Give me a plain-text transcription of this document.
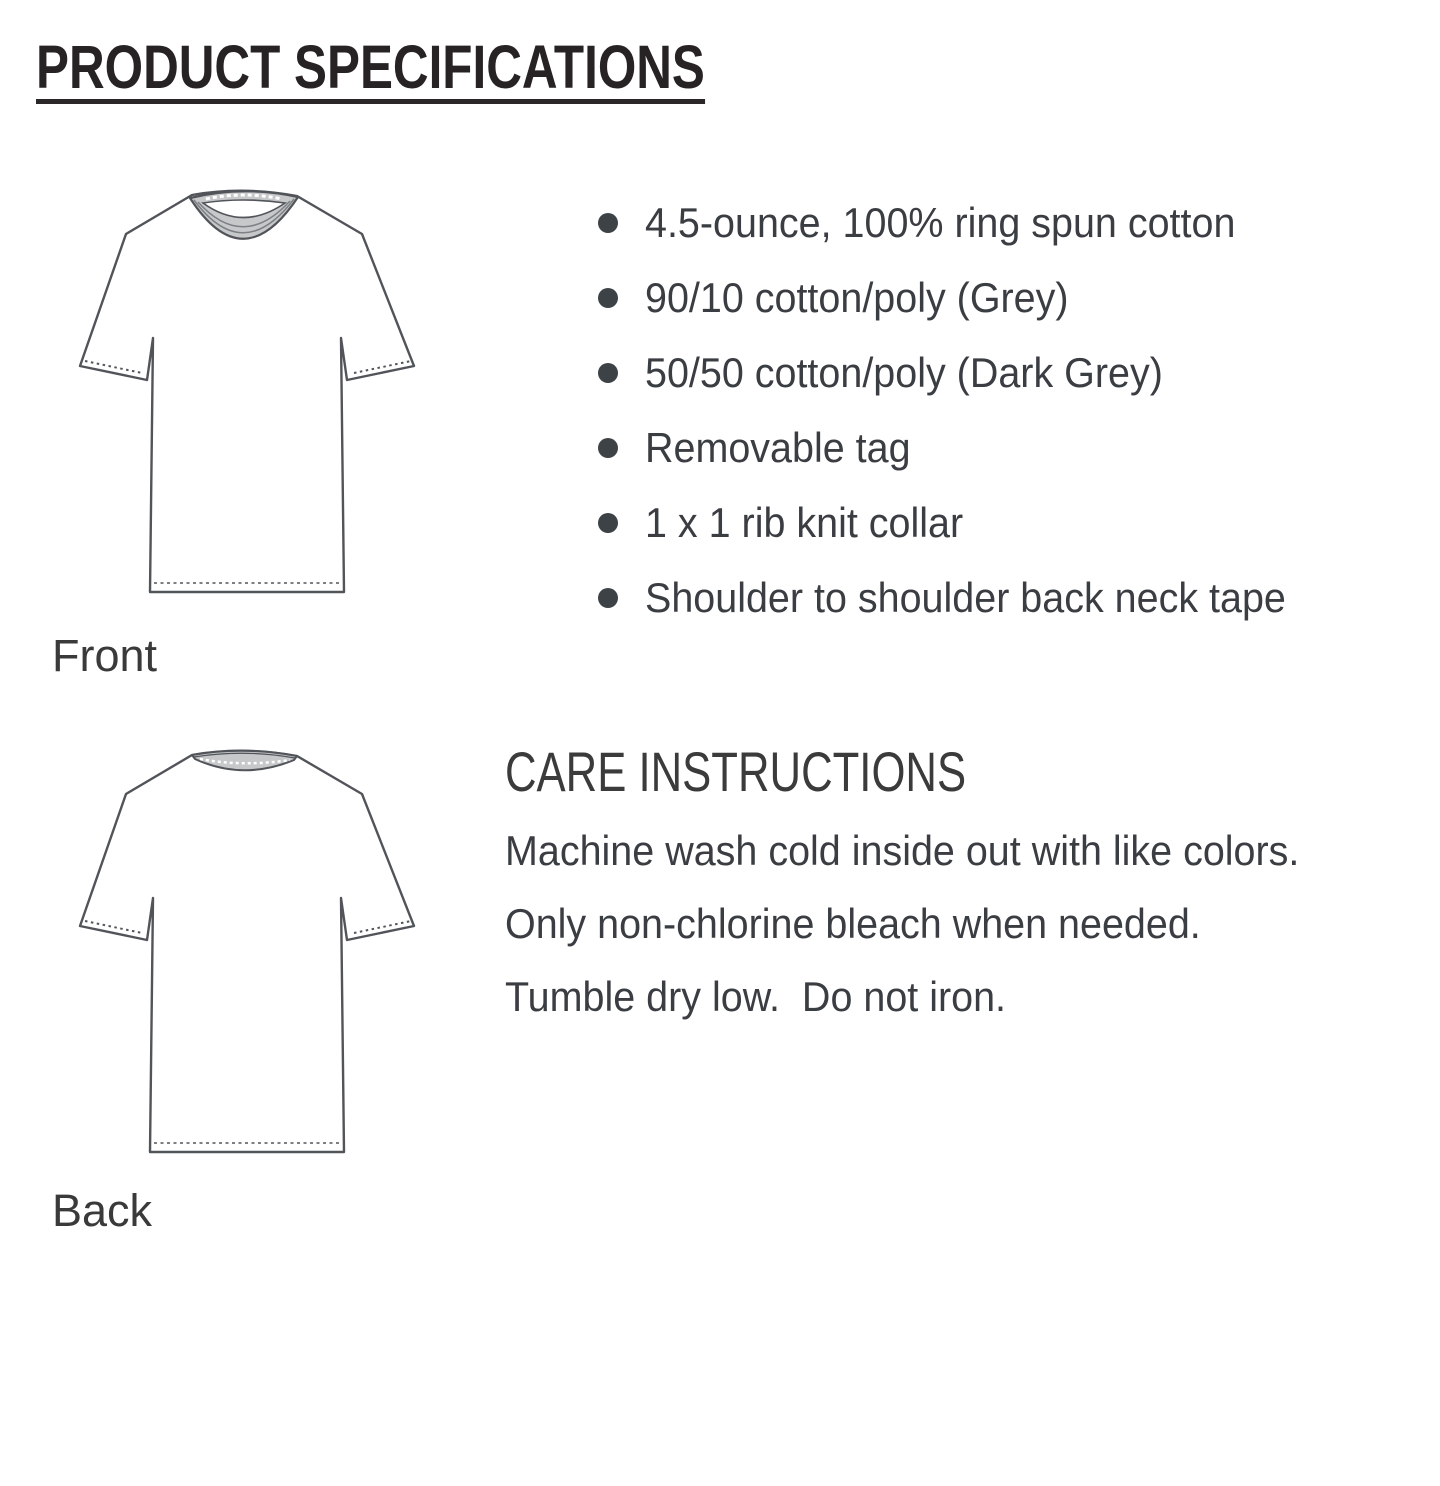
PRODUCT SPECIFICATIONS

Front

4.5-ounce, 100% ring spun cotton
90/10 cotton/poly (Grey)
50/50 cotton/poly (Dark Grey)
Removable tag
1 x 1 rib knit collar
Shoulder to shoulder back neck tape

Back

CARE INSTRUCTIONS

Machine wash cold inside out with like colors.

Only non-chlorine bleach when needed.

Tumble dry low.  Do not iron.
